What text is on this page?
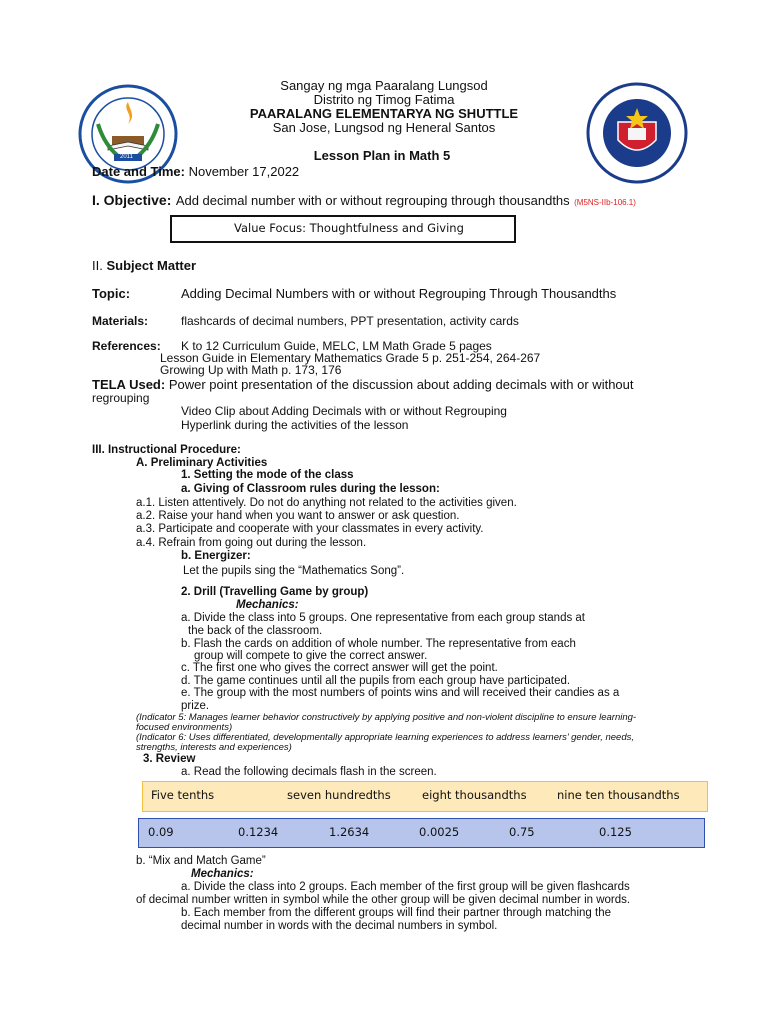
2011
Sangay ng mga Paaralang Lungsod
Distrito ng Timog Fatima
PAARALANG ELEMENTARYA NG SHUTTLE
San Jose, Lungsod ng Heneral Santos
Lesson Plan in Math 5
Date and Time: November 17,2022
I. Objective: Add decimal number with or without regrouping through thousandths (M5NS-IIb-106.1)
Value Focus: Thoughtfulness and Giving
II. Subject Matter
Topic:	Adding Decimal Numbers with or without Regrouping Through Thousandths
Materials:	flashcards of decimal numbers, PPT presentation, activity cards
References: K to 12 Curriculum Guide, MELC, LM Math Grade 5 pages
Lesson Guide in Elementary Mathematics Grade 5 p. 251-254, 264-267
Growing Up with Math p. 173, 176
TELA Used: Power point presentation of the discussion about adding decimals with or without
regrouping
Video Clip about Adding Decimals with or without Regrouping
Hyperlink during the activities of the lesson
III. Instructional Procedure:
A. Preliminary Activities
1. Setting the mode of the class
a. Giving of Classroom rules during the lesson:
a.1. Listen attentively. Do not do anything not related to the activities given.
a.2. Raise your hand when you want to answer or ask question.
a.3. Participate and cooperate with your classmates in every activity.
a.4. Refrain from going out during the lesson.
b. Energizer:
Let the pupils sing the “Mathematics Song”.
2. Drill (Travelling Game by group)
Mechanics:
a. Divide the class into 5 groups. One representative from each group stands at
the back of the classroom.
b. Flash the cards on addition of whole number. The representative from each
group will compete to give the correct answer.
c. The first one who gives the correct answer will get the point.
d. The game continues until all the pupils from each group have participated.
e. The group with the most numbers of points wins and will received their candies as a
prize.
(Indicator 5: Manages learner behavior constructively by applying positive and non-violent discipline to ensure learning-
focused environments)
(Indicator 6: Uses differentiated, developmentally appropriate learning experiences to address learners’ gender, needs,
strengths, interests and experiences)
3. Review
a. Read the following decimals flash in the screen.
Five tenths	seven hundredths	eight thousandths	nine ten thousandths
0.09	0.1234	1.2634	0.0025	0.75	0.125
b. “Mix and Match Game”
Mechanics:
a. Divide the class into 2 groups. Each member of the first group will be given flashcards
of decimal number written in symbol while the other group will be given decimal number in words.
b. Each member from the different groups will find their partner through matching the
decimal number in words with the decimal numbers in symbol.
